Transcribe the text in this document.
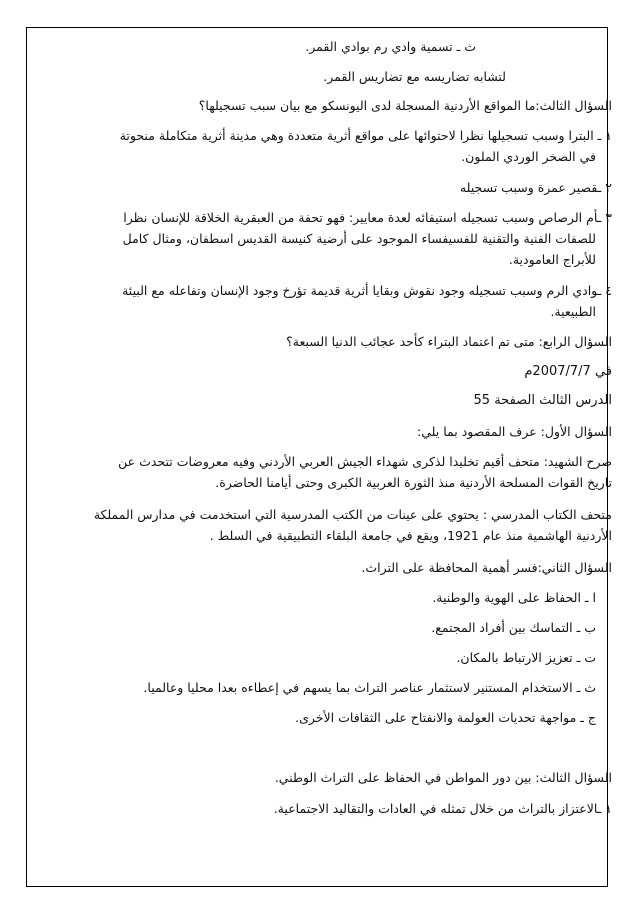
ث ـ تسمية وادي رم بوادي القمر.
لتشابه تضاريسه مع تضاريس القمر.
السؤال الثالث:ما المواقع الأردنية المسجلة لدى اليونسكو مع بيان سبب تسجيلها؟
١ ـ البترا وسبب تسجيلها نظرا لاحتوائها على مواقع أثرية متعددة وهي مدينة أثرية متكاملة منحوتة
في الصخر الوردي الملون.
٢ ـقصير عمرة وسبب تسجيله
٣ ـأم الرصاص وسبب تسجيله استيفائه لعدة معايير: فهو تحفة من العبقرية الخلاقة للإنسان نظرا
للصفات الفنية والتقنية للفسيفساء الموجود على أرضية كنيسة القديس اسطفان، ومثال كامل
للأبراج العامودية.
٤ ـوادي الرم وسبب تسجيله وجود نقوش وبقايا أثرية قديمة تؤرخ وجود الإنسان وتفاعله مع البيئة
الطبيعية.
السؤال الرابع: متى تم اعتماد البتراء كأحد عجائب الدنيا السبعة؟
في 2007/7/7م
الدرس الثالث الصفحة 55
السؤال الأول: عرف المقصود بما يلي:
صرح الشهيد: متحف أقيم تخليدا لذكرى شهداء الجيش العربي الأردني وفيه معروضات تتحدث عن
تاريخ القوات المسلحة الأردنية منذ الثورة العربية الكبرى وحتى أيامنا الحاضرة.
متحف الكتاب المدرسي : يحتوي على عينات من الكتب المدرسية التي استخدمت في مدارس المملكة
الأردنية الهاشمية منذ عام 1921، ويقع في جامعة البلقاء التطبيقية في السلط .
السؤال الثاني:فسر أهمية المحافظة على التراث.
ا ـ الحفاظ على الهوية والوطنية.
ب ـ التماسك بين أفراد المجتمع.
ت ـ تعزيز الارتباط بالمكان.
ث ـ الاستخدام المستنير لاستثمار عناصر التراث بما يسهم في إعطاءه بعدا محليا وعالميا.
ج ـ مواجهة تحديات العولمة والانفتاح على الثقافات الأخرى.
السؤال الثالث: بين دور المواطن في الحفاظ على التراث الوطني.
١ ـالاعتزاز بالتراث من خلال تمثله في العادات والتقاليد الاجتماعية.
